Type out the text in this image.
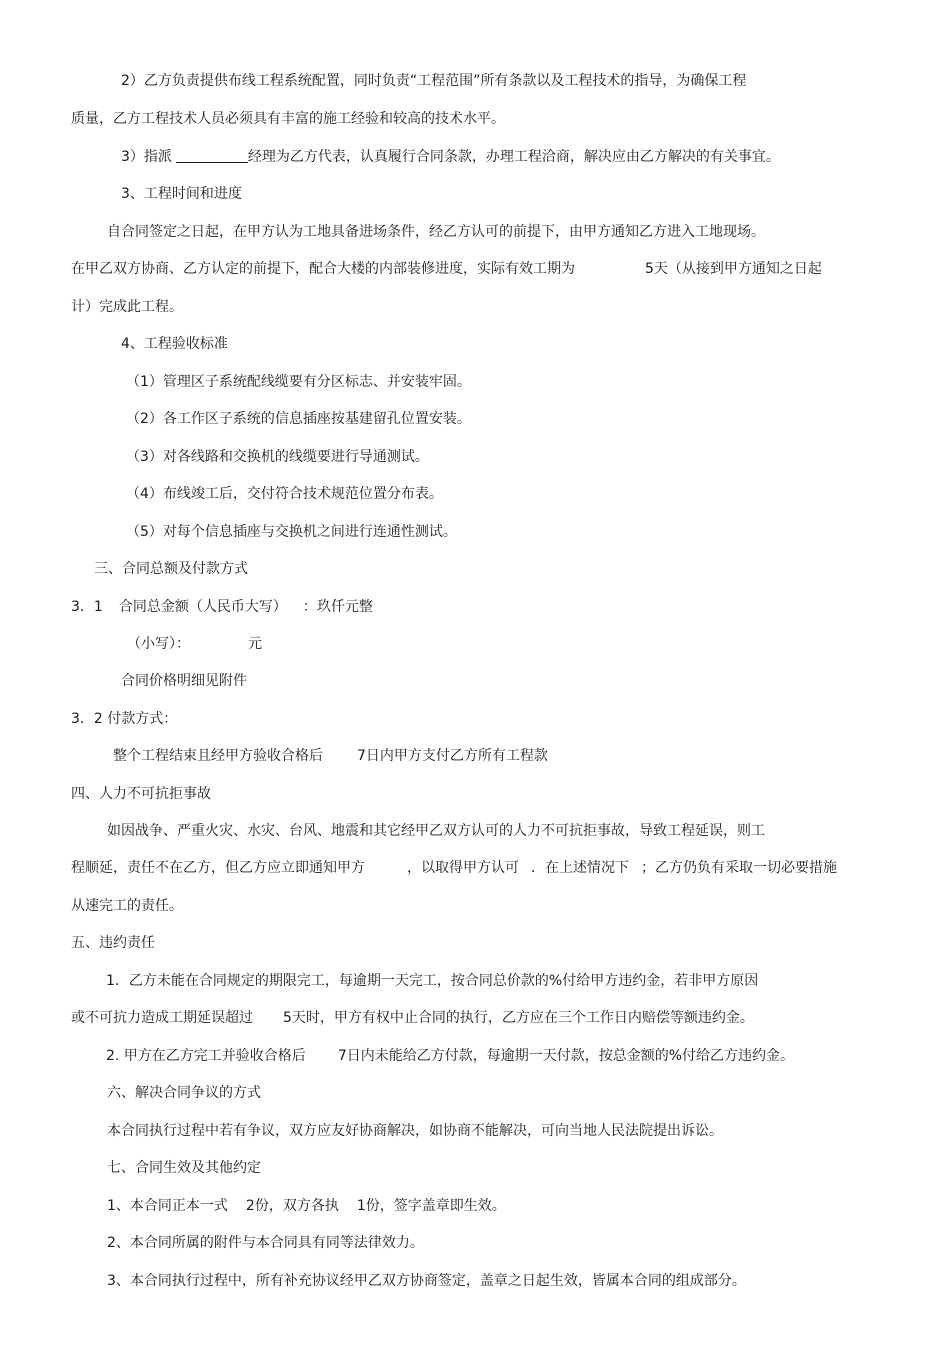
2）乙方负责提供布线工程系统配置，同时负责“工程范围”所有条款以及工程技术的指导，为确保工程
质量，乙方工程技术人员必须具有丰富的施工经验和较高的技术水平。
3）指派	经理为乙方代表，认真履行合同条款，办理工程洽商，解决应由乙方解决的有关事宜。
3、工程时间和进度
自合同签定之日起，在甲方认为工地具备进场条件，经乙方认可的前提下，由甲方通知乙方进入工地现场。
在甲乙双方协商、乙方认定的前提下，配合大楼的内部装修进度，实际有效工期为	5天（从接到甲方通知之日起
计）完成此工程。
4、工程验收标准
（1）管理区子系统配线缆要有分区标志、并安装牢固。
（2）各工作区子系统的信息插座按基建留孔位置安装。
（3）对各线路和交换机的线缆要进行导通测试。
（4）布线竣工后，交付符合技术规范位置分布表。
（5）对每个信息插座与交换机之间进行连通性测试。
三、合同总额及付款方式
3．1 合同总金额（人民币大写） ：玖仟元整
（小写）：	元
合同价格明细见附件
3．2 付款方式：
整个工程结束且经甲方验收合格后 7日内甲方支付乙方所有工程款
四、人力不可抗拒事故
如因战争、严重火灾、水灾、台风、地震和其它经甲乙双方认可的人力不可抗拒事故，导致工程延误，则工
程顺延，责任不在乙方，但乙方应立即通知甲方	，以取得甲方认可 ．在上述情况下 ；乙方仍负有采取一切必要措施
从速完工的责任。
五、违约责任
1．乙方未能在合同规定的期限完工，每逾期一天完工，按合同总价款的%付给甲方违约金，若非甲方原因
或不可抗力造成工期延误超过 5天时，甲方有权中止合同的执行，乙方应在三个工作日内赔偿等额违约金。
2. 甲方在乙方完工并验收合格后 7日内未能给乙方付款，每逾期一天付款，按总金额的%付给乙方违约金。
六、解决合同争议的方式
本合同执行过程中若有争议，双方应友好协商解决，如协商不能解决，可向当地人民法院提出诉讼。
七、合同生效及其他约定
1、本合同正本一式 2份，双方各执 1份，签字盖章即生效。
2、本合同所属的附件与本合同具有同等法律效力。
3、本合同执行过程中，所有补充协议经甲乙双方协商签定，盖章之日起生效，皆属本合同的组成部分。
